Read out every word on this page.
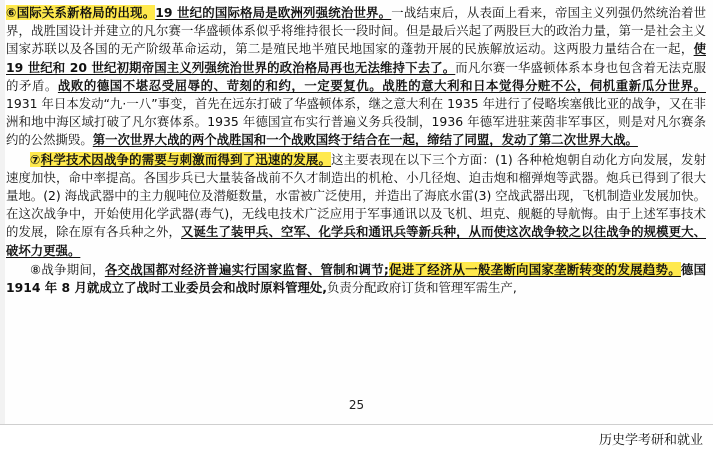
⑥国际关系新格局的出现。19 世纪的国际格局是欧洲列强统治世界。一战结束后，从表面上看来，帝国主义列强仍然统治着世界，战胜国设计并建立的凡尔赛一华盛顿体系似乎将维持很长一段时间。但是最后兴起了两股巨大的政治力量，第一是社会主义国家苏联以及各国的无产阶级革命运动，第二是殖民地半殖民地国家的蓬勃开展的民族解放运动。这两股力量结合在一起，使 19 世纪和 20 世纪初期帝国主义列强统治世界的政治格局再也无法维持下去了。而凡尔赛一华盛顿体系本身也包含着无法克服的矛盾。战败的德国不堪忍受屈辱的、苛刻的和约，一定要复仇。战胜的意大利和日本觉得分赃不公，伺机重新瓜分世界。1931 年日本发动“九·一八”事变，首先在远东打破了华盛顿体系，继之意大利在 1935 年进行了侵略埃塞俄比亚的战争，又在非洲和地中海区域打破了凡尔赛体系。1935 年德国宣布实行普遍义务兵役制，1936 年德军进驻莱茵非军事区，则是对凡尔赛条约的公然撕毁。第一次世界大战的两个战胜国和一个战败国终于结合在一起，缔结了同盟，发动了第二次世界大战。

⑦科学技术因战争的需要与刺激而得到了迅速的发展。这主要表现在以下三个方面：(1) 各种枪炮朝自动化方向发展，发射速度加快，命中率提高。各国步兵已大量装备战前不久才制造出的机枪、小几径炮、迫击炮和榴弹炮等武器。炮兵已得到了很大量地。(2) 海战武器中的主力舰吨位及潜艇数量，水雷被广泛使用，并造出了海底水雷(3) 空战武器出现，飞机制造业发展加快。在这次战争中，开始使用化学武器(毒气)，无线电技术广泛应用于军事通讯以及飞机、坦克、舰艇的导航悔。由于上述军事技术的发展，除在原有各兵种之外，又诞生了装甲兵、空军、化学兵和通讯兵等新兵种，从而使这次战争较之以往战争的规模更大、破坏力更强。

⑧战争期间，各交战国都对经济普遍实行国家监督、管制和调节;促进了经济从一般垄断向国家垄断转变的发展趋势。德国 1914 年 8 月就成立了战时工业委员会和战时原料管理处,负责分配政府订货和管理军需生产,

25
历史学考研和就业
